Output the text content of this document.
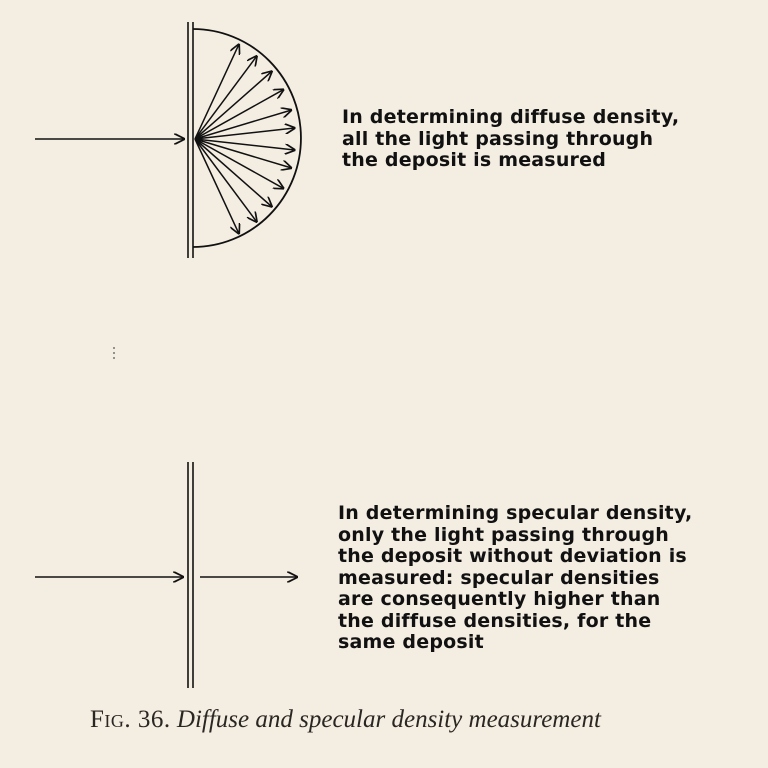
In determining diffuse density,
all the light passing through
the deposit is measured
In determining specular density,
only the light passing through
the deposit without deviation is
measured: specular densities
are consequently higher than
the diffuse densities, for the
same deposit
Fig. 36. Diffuse and specular density measurement
